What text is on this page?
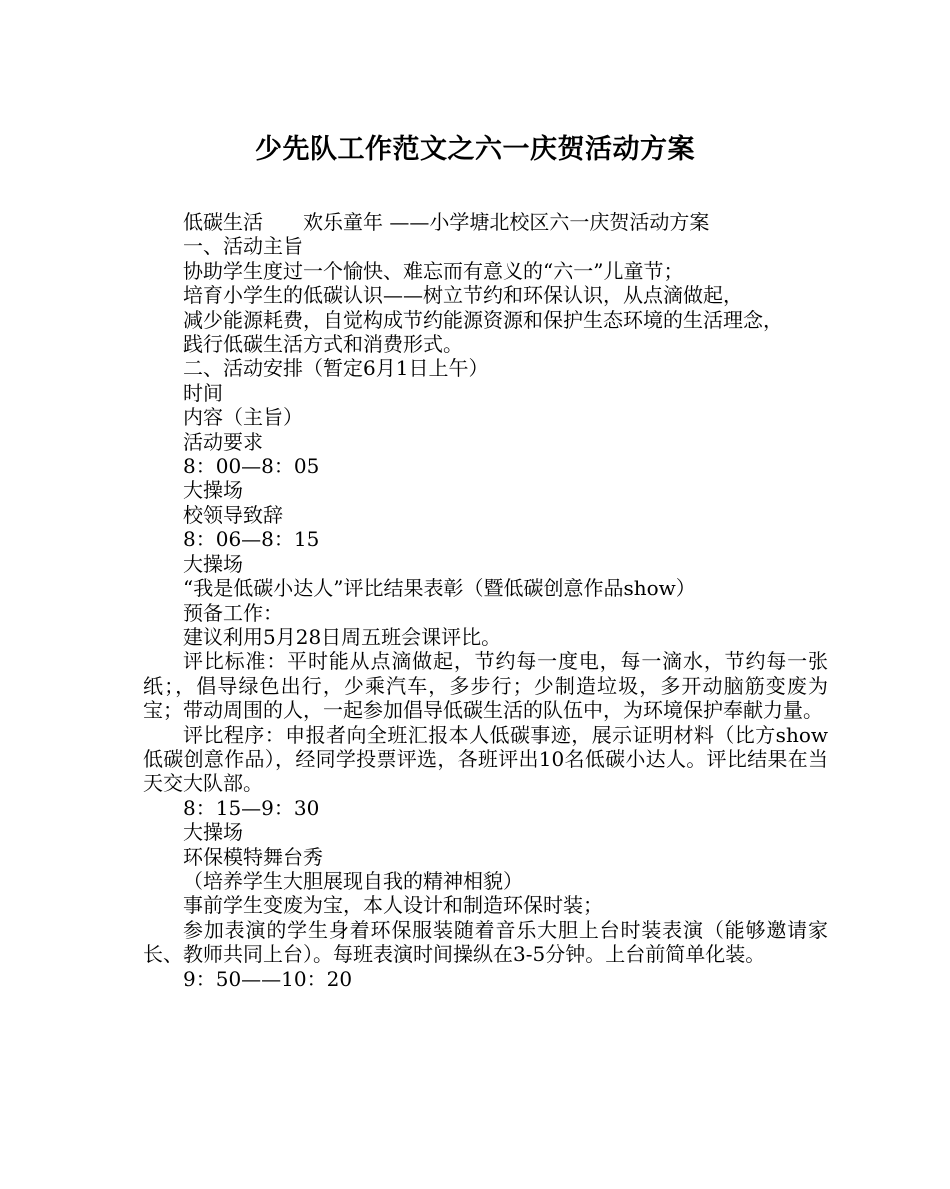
少先队工作范文之六一庆贺活动方案

低碳生活　　欢乐童年 ——小学塘北校区六一庆贺活动方案

一、活动主旨

协助学生度过一个愉快、难忘而有意义的“六一”儿童节；

培育小学生的低碳认识——树立节约和环保认识，从点滴做起，

减少能源耗费，自觉构成节约能源资源和保护生态环境的生活理念，

践行低碳生活方式和消费形式。

二、活动安排（暂定6月1日上午）

时间

内容（主旨）

活动要求

8：00—8：05

大操场

校领导致辞

8：06—8：15

大操场

“我是低碳小达人”评比结果表彰（暨低碳创意作品show）

预备工作：

建议利用5月28日周五班会课评比。

评比标准：平时能从点滴做起，节约每一度电，每一滴水，节约每一张纸；，倡导绿色出行，少乘汽车，多步行；少制造垃圾，多开动脑筋变废为宝；带动周围的人，一起参加倡导低碳生活的队伍中，为环境保护奉献力量。

评比程序：申报者向全班汇报本人低碳事迹，展示证明材料（比方show低碳创意作品），经同学投票评选，各班评出10名低碳小达人。评比结果在当天交大队部。

8：15—9：30

大操场

环保模特舞台秀

（培养学生大胆展现自我的精神相貌）

事前学生变废为宝，本人设计和制造环保时装；

参加表演的学生身着环保服装随着音乐大胆上台时装表演（能够邀请家长、教师共同上台）。每班表演时间操纵在3-5分钟。上台前简单化装。

9：50——10：20
